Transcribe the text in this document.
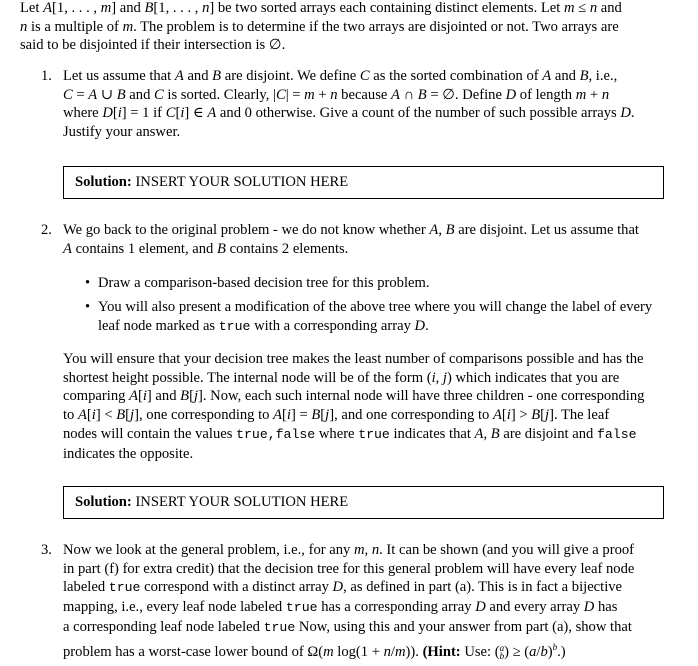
Let A[1, . . . , m] and B[1, . . . , n] be two sorted arrays each containing distinct elements. Let m ≤ n and
n is a multiple of m. The problem is to determine if the two arrays are disjointed or not. Two arrays are
said to be disjointed if their intersection is ∅.
1. Let us assume that A and B are disjoint. We define C as the sorted combination of A and B, i.e.,
C = A ∪ B and C is sorted. Clearly, |C| = m + n because A ∩ B = ∅. Define D of length m + n
where D[i] = 1 if C[i] ∈ A and 0 otherwise. Give a count of the number of such possible arrays D.
Justify your answer.
Solution: INSERT YOUR SOLUTION HERE
2. We go back to the original problem - we do not know whether A, B are disjoint. Let us assume that
A contains 1 element, and B contains 2 elements.
• Draw a comparison-based decision tree for this problem.
• You will also present a modification of the above tree where you will change the label of every
leaf node marked as true with a corresponding array D.
You will ensure that your decision tree makes the least number of comparisons possible and has the
shortest height possible. The internal node will be of the form (i, j) which indicates that you are
comparing A[i] and B[j]. Now, each such internal node will have three children - one corresponding
to A[i] < B[j], one corresponding to A[i] = B[j], and one corresponding to A[i] > B[j]. The leaf
nodes will contain the values true,false where true indicates that A, B are disjoint and false
indicates the opposite.
Solution: INSERT YOUR SOLUTION HERE
3. Now we look at the general problem, i.e., for any m, n. It can be shown (and you will give a proof
in part (f) for extra credit) that the decision tree for this general problem will have every leaf node
labeled true correspond with a distinct array D, as defined in part (a). This is in fact a bijective
mapping, i.e., every leaf node labeled true has a corresponding array D and every array D has
a corresponding leaf node labeled true Now, using this and your answer from part (a), show that
problem has a worst-case lower bound of Ω(m log(1 + n/m)). (Hint: Use: (a
$b) \ge (a/b)^b$.)
